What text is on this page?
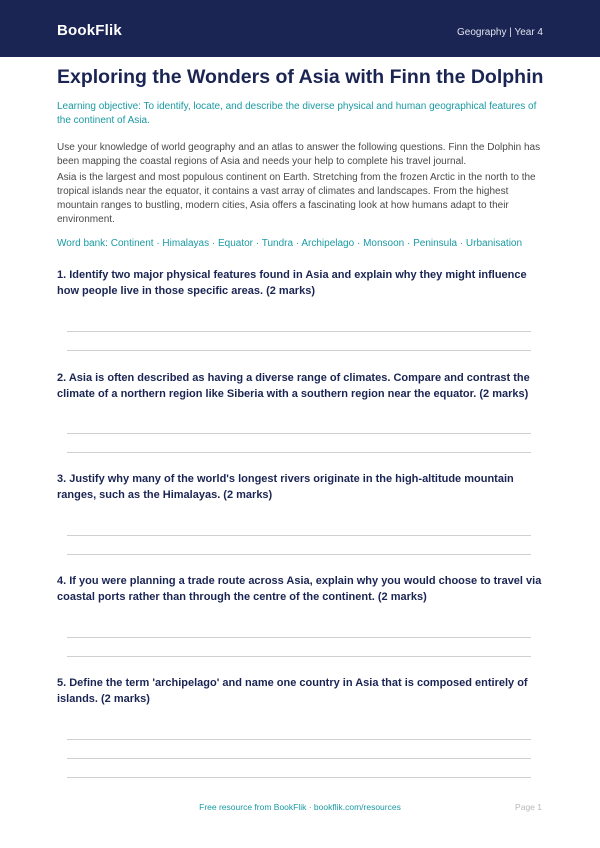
BookFlik	Geography | Year 4
Exploring the Wonders of Asia with Finn the Dolphin
Learning objective: To identify, locate, and describe the diverse physical and human geographical features of the continent of Asia.
Use your knowledge of world geography and an atlas to answer the following questions. Finn the Dolphin has been mapping the coastal regions of Asia and needs your help to complete his travel journal.
Asia is the largest and most populous continent on Earth. Stretching from the frozen Arctic in the north to the tropical islands near the equator, it contains a vast array of climates and landscapes. From the highest mountain ranges to bustling, modern cities, Asia offers a fascinating look at how humans adapt to their environment.
Word bank: Continent · Himalayas · Equator · Tundra · Archipelago · Monsoon · Peninsula · Urbanisation
1. Identify two major physical features found in Asia and explain why they might influence how people live in those specific areas. (2 marks)
2. Asia is often described as having a diverse range of climates. Compare and contrast the climate of a northern region like Siberia with a southern region near the equator. (2 marks)
3. Justify why many of the world's longest rivers originate in the high-altitude mountain ranges, such as the Himalayas. (2 marks)
4. If you were planning a trade route across Asia, explain why you would choose to travel via coastal ports rather than through the centre of the continent. (2 marks)
5. Define the term 'archipelago' and name one country in Asia that is composed entirely of islands. (2 marks)
Free resource from BookFlik · bookflik.com/resources	Page 1
